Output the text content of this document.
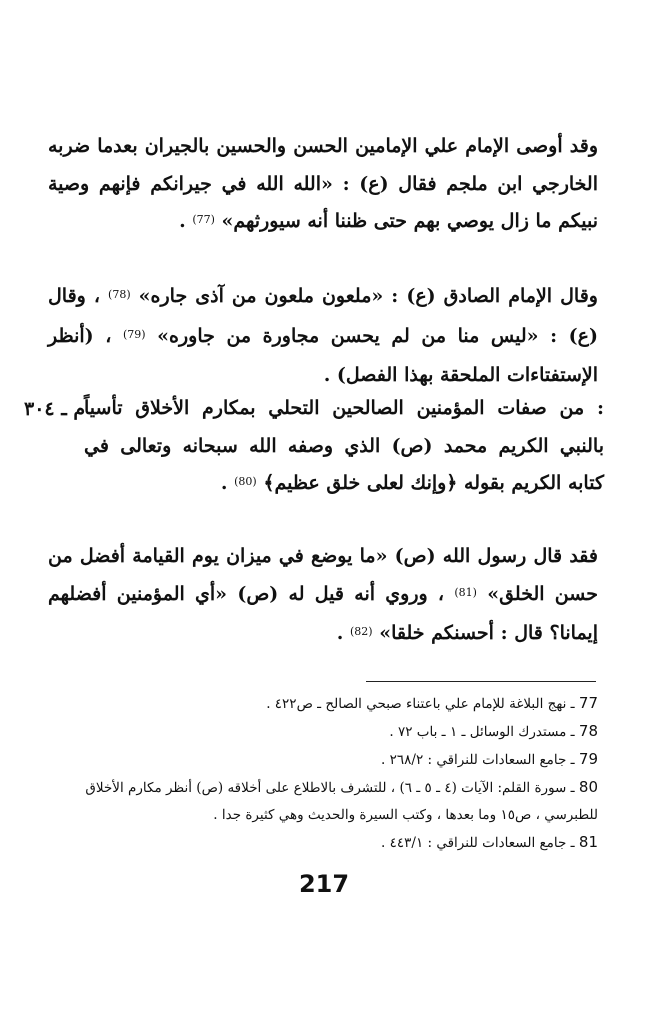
وقد أوصى الإمام علي الإمامين الحسن والحسين بالجيران بعدما ضربه الخارجي ابن ملجم فقال (ع) : «الله الله في جيرانكم فإنهم وصية نبيكم ما زال يوصي بهم حتى ظننا أنه سيورثهم» $^{(77)}$ .

وقال الإمام الصادق (ع) : «ملعون ملعون من آذى جاره» $^{(78)}$ ، وقال (ع) : «ليس منا من لم يحسن مجاورة من جاوره» $^{(79)}$ ، (أنظر الإستفتاءات الملحقة بهذا الفصل) .

م ـ ٣٠٤

: من صفات المؤمنين الصالحين التحلي بمكارم الأخلاق تأسياً بالنبي الكريم محمد (ص) الذي وصفه الله سبحانه وتعالى في كتابه الكريم بقوله ﴿وإنك لعلى خلق عظيم﴾ $^{(80)}$ .

فقد قال رسول الله (ص) «ما يوضع في ميزان يوم القيامة أفضل من حسن الخلق» $^{(81)}$ ، وروي أنه قيل له (ص) «أي المؤمنين أفضلهم إيمانا؟ قال : أحسنكم خلقا» $^{(82)}$ .

77 ـ نهج البلاغة للإمام علي باعتناء صبحي الصالح ـ ص٤٢٢ .
78 ـ مستدرك الوسائل ـ ١ ـ باب ٧٢ .
79 ـ جامع السعادات للنراقي : ٢٦٨/٢ .
80 ـ سورة القلم: الآيات (٤ ـ ٥ ـ ٦) ، للتشرف بالاطلاع على أخلاقه (ص) أنظر مكارم الأخلاق للطبرسي ، ص١٥ وما بعدها ، وكتب السيرة والحديث وهي كثيرة جدا .
81 ـ جامع السعادات للنراقي : ٤٤٣/١ .
217
